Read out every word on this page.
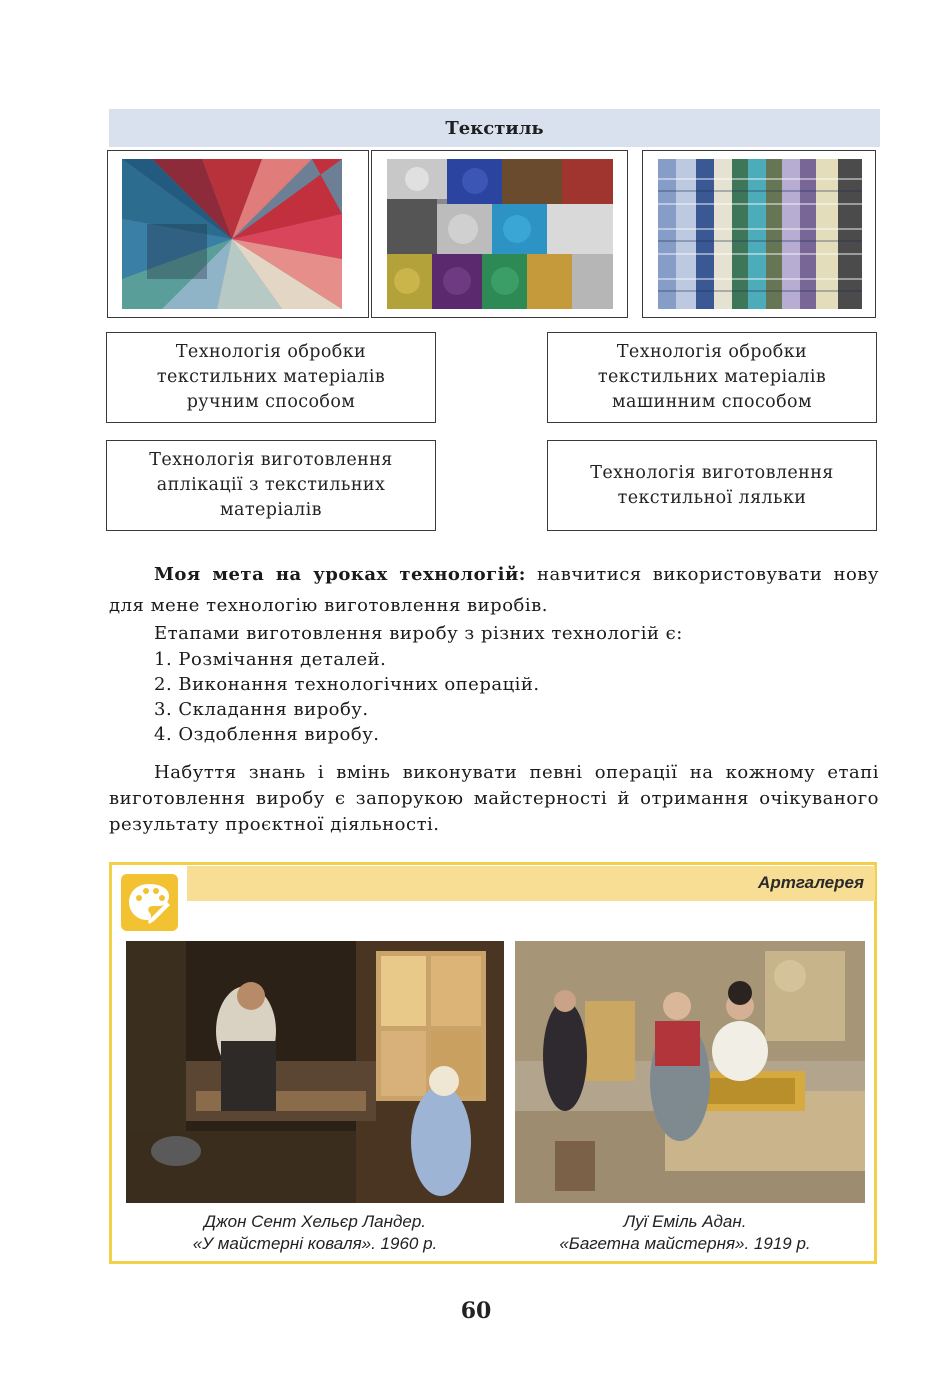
Текстиль
Технологія обробки
текстильних матеріалів
ручним способом
Технологія обробки
текстильних матеріалів
машинним способом
Технологія виготовлення
аплікації з текстильних
матеріалів
Технологія виготовлення
текстильної ляльки
Моя мета на уроках технологій: навчитися використовувати нову
для мене технологію виготовлення виробів.
Етапами виготовлення виробу з різних технологій є:
1. Розмічання деталей.
2. Виконання технологічних операцій.
3. Складання виробу.
4. Оздоблення виробу.
Набуття знань і вмінь виконувати певні операції на кожному етапі виготовлення виробу є запорукою майстерності й отримання очікуваного результату проєктної діяльності.
Артгалерея
Джон Сент Хельєр Ландер.
«У майстерні коваля». 1960 р.
Луї Еміль Адан.
«Багетна майстерня». 1919 р.
60
